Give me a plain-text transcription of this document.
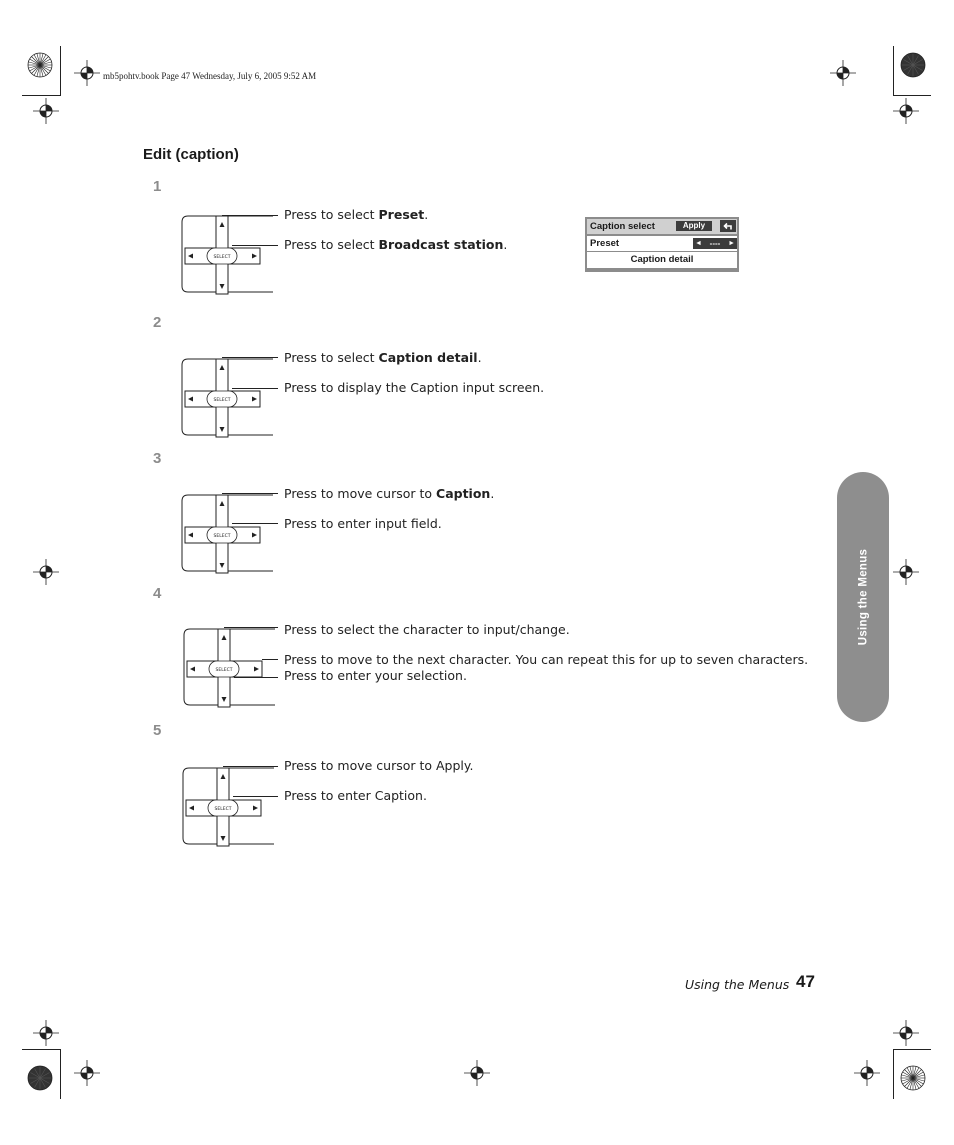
mb5pohtv.book Page 47 Wednesday, July 6, 2005 9:52 AM
Edit (caption)
1
2
3
4
5
SELECT
Press to select Preset.
Press to select Broadcast station.
Caption select	Apply
Preset	◄ ---- ►
Caption detail
SELECT
Press to select Caption detail.
Press to display the Caption input screen.
SELECT
Press to move cursor to Caption.
Press to enter input field.
SELECT
Press to select the character to input/change.
Press to move to the next character. You can repeat this for up to seven characters.
Press to enter your selection.
SELECT
Press to move cursor to Apply.
Press to enter Caption.
Using the Menus
Using the Menus 47
